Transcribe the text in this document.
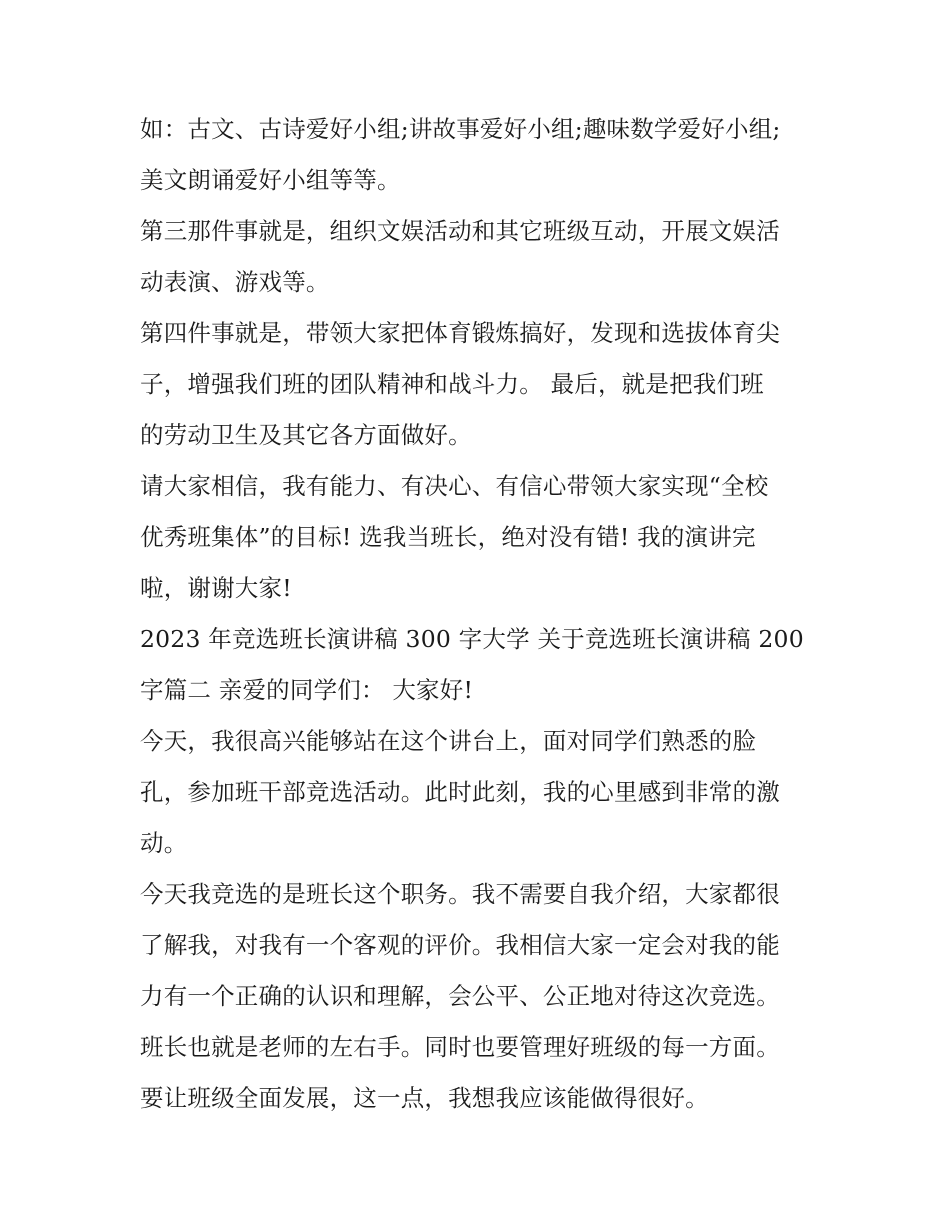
如：古文、古诗爱好小组;讲故事爱好小组;趣味数学爱好小组;
美文朗诵爱好小组等等。
第三那件事就是，组织文娱活动和其它班级互动，开展文娱活
动表演、游戏等。
第四件事就是，带领大家把体育锻炼搞好，发现和选拔体育尖
子，增强我们班的团队精神和战斗力。 最后，就是把我们班
的劳动卫生及其它各方面做好。
请大家相信，我有能力、有决心、有信心带领大家实现“全校
优秀班集体”的目标! 选我当班长，绝对没有错! 我的演讲完
啦，谢谢大家!
2023 年竞选班长演讲稿 300 字大学 关于竞选班长演讲稿 200
字篇二 亲爱的同学们： 大家好!
今天，我很高兴能够站在这个讲台上，面对同学们熟悉的脸
孔，参加班干部竞选活动。此时此刻，我的心里感到非常的激
动。
今天我竞选的是班长这个职务。我不需要自我介绍，大家都很
了解我，对我有一个客观的评价。我相信大家一定会对我的能
力有一个正确的认识和理解，会公平、公正地对待这次竞选。
班长也就是老师的左右手。同时也要管理好班级的每一方面。
要让班级全面发展，这一点，我想我应该能做得很好。
